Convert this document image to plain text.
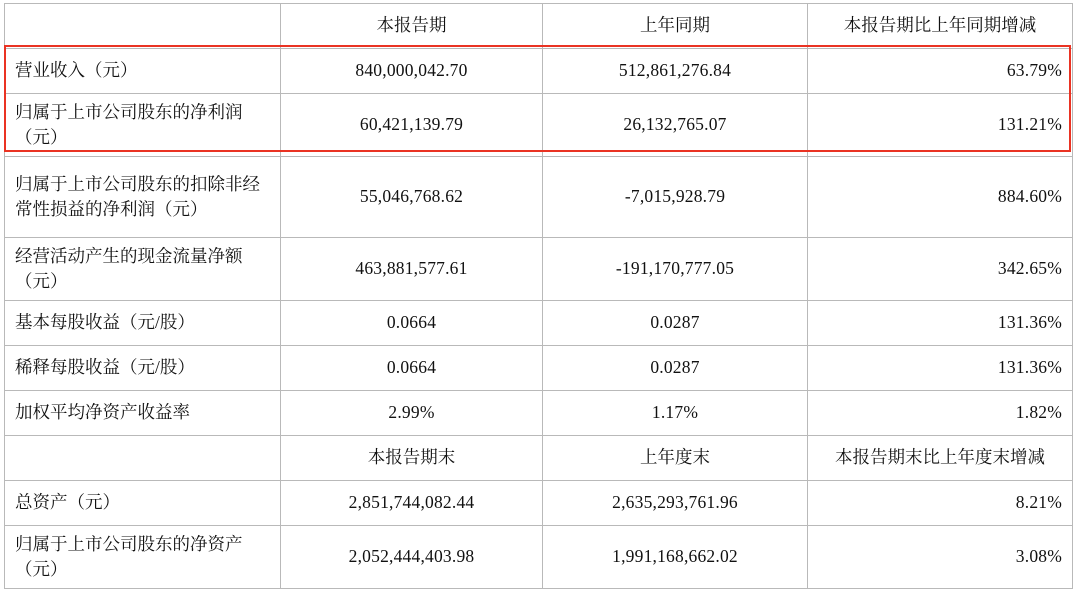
	本报告期	上年同期	本报告期比上年同期增减
营业收入（元）	840,000,042.70	512,861,276.84	63.79%
归属于上市公司股东的净利润（元）	60,421,139.79	26,132,765.07	131.21%
归属于上市公司股东的扣除非经常性损益的净利润（元）	55,046,768.62	-7,015,928.79	884.60%
经营活动产生的现金流量净额（元）	463,881,577.61	-191,170,777.05	342.65%
基本每股收益（元/股）	0.0664	0.0287	131.36%
稀释每股收益（元/股）	0.0664	0.0287	131.36%
加权平均净资产收益率	2.99%	1.17%	1.82%
	本报告期末	上年度末	本报告期末比上年度末增减
总资产（元）	2,851,744,082.44	2,635,293,761.96	8.21%
归属于上市公司股东的净资产（元）	2,052,444,403.98	1,991,168,662.02	3.08%
